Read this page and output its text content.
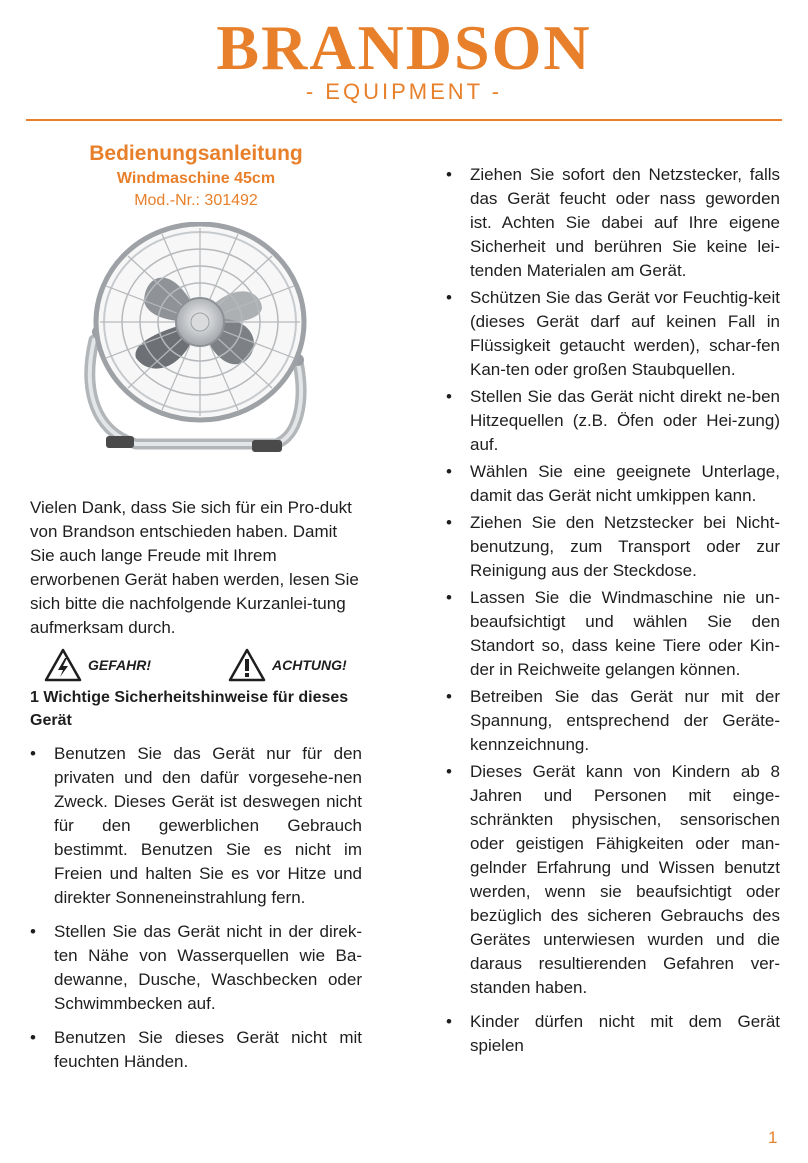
BRANDSON
- EQUIPMENT -
Bedienungsanleitung
Windmaschine 45cm
Mod.-Nr.: 301492
Vielen Dank, dass Sie sich für ein Pro-dukt von Brandson entschieden haben. Damit Sie auch lange Freude mit Ihrem erworbenen Gerät haben werden, lesen Sie sich bitte die nachfolgende Kurzanlei-tung aufmerksam durch.
GEFAHR!	ACHTUNG!
1 Wichtige Sicherheitshinweise für dieses Gerät
• Benutzen Sie das Gerät nur für den privaten und den dafür vorgesehe-nen Zweck. Dieses Gerät ist deswegen nicht für den gewerblichen Gebrauch bestimmt. Benutzen Sie es nicht im Freien und halten Sie es vor Hitze und direkter Sonneneinstrahlung fern.
• Stellen Sie das Gerät nicht in der direk-ten Nähe von Wasserquellen wie Ba-dewanne, Dusche, Waschbecken oder Schwimmbecken auf.
• Benutzen Sie dieses Gerät nicht mit feuchten Händen.
• Ziehen Sie sofort den Netzstecker, falls das Gerät feucht oder nass geworden ist. Achten Sie dabei auf Ihre eigene Sicherheit und berühren Sie keine lei-tenden Materialen am Gerät.
• Schützen Sie das Gerät vor Feuchtig-keit (dieses Gerät darf auf keinen Fall in Flüssigkeit getaucht werden), schar-fen Kan-ten oder großen Staubquellen.
• Stellen Sie das Gerät nicht direkt ne-ben Hitzequellen (z.B. Öfen oder Hei-zung) auf.
• Wählen Sie eine geeignete Unterlage, damit das Gerät nicht umkippen kann.
• Ziehen Sie den Netzstecker bei Nicht-benutzung, zum Transport oder zur Reinigung aus der Steckdose.
• Lassen Sie die Windmaschine nie un-beaufsichtigt und wählen Sie den Standort so, dass keine Tiere oder Kin-der in Reichweite gelangen können.
• Betreiben Sie das Gerät nur mit der Spannung, entsprechend der Geräte-kennzeichnung.
• Dieses Gerät kann von Kindern ab 8 Jahren und Personen mit einge-schränkten physischen, sensorischen oder geistigen Fähigkeiten oder man-gelnder Erfahrung und Wissen benutzt werden, wenn sie beaufsichtigt oder bezüglich des sicheren Gebrauchs des Gerätes unterwiesen wurden und die daraus resultierenden Gefahren ver-standen haben.
• Kinder dürfen nicht mit dem Gerät spielen
1
